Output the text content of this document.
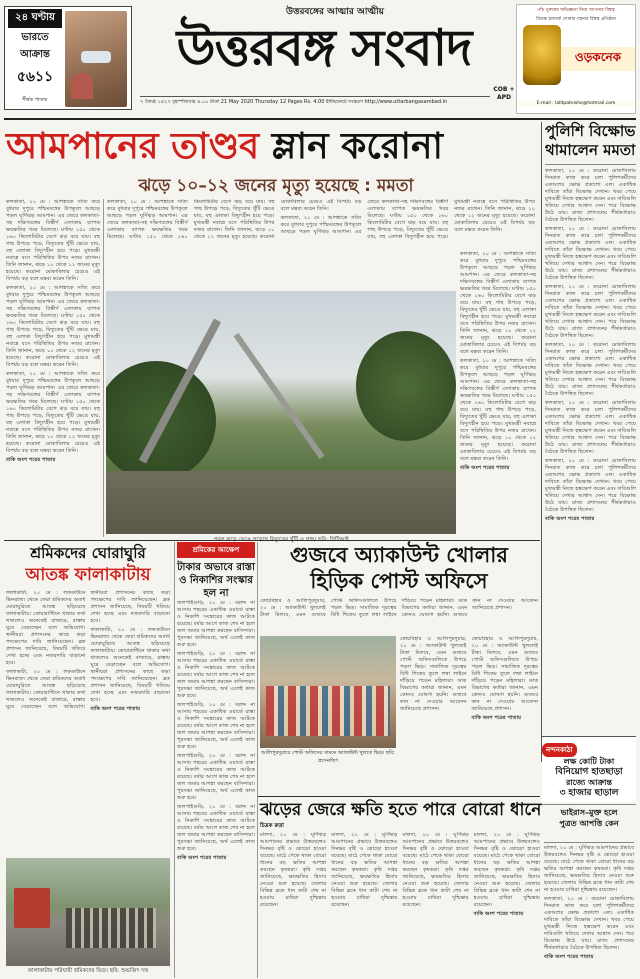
২৪ ঘণ্টায়
ভারতে
আক্রান্ত
৫৬১১
শীর্ষক পাতায়
উত্তরবঙ্গের আত্মার আত্মীয়
উত্তরবঙ্গ সংবাদ
৭ জ্যৈষ্ঠ ১৪২৭ বৃহস্পতিবার ৪.০০ টাকা 21 May 2020 Thursday 12 Pages Rs. 4.00 ইন্টারনেটে সংস্করণ http://www.uttarbangasambad.in
COB + APD
পাঁচ পুরুষের অভিজ্ঞতা নিয়ে আপনার বিশ্বস্ত
বিশুদ্ধ হলমার্ক সোনার গহনার বিশ্বস্ত প্রতিষ্ঠান
ওড়কনেক
E-mail : lalltpatnisho@hotmail.com
আমপানের তাণ্ডব ম্লান করোনা
ঝড়ে ১০–১২ জনের মৃত্যু হয়েছে : মমতা

কলকাতা, ২০ মে : আশঙ্কাকে সত্যি করে বুধবার দুপুরে পশ্চিমবঙ্গের উপকূলে আছড়ে পড়ল ঘূর্ণিঝড় আমপান। এর জেরে কলকাতা-সহ দক্ষিণবঙ্গের বিস্তীর্ণ এলাকায় ব্যাপক ক্ষয়ক্ষতির খবর মিলেছে। ঘণ্টায় ১৫০ থেকে ১৬০ কিলোমিটার বেগে ঝড় বয়ে যায়। বহু গাছ উপড়ে পড়ে, বিদ্যুতের খুঁটি ভেঙে যায়, বহু এলাকা বিদ্যুৎহীন হয়ে পড়ে। মুখ্যমন্ত্রী নবান্নে বসে পরিস্থিতির উপর নজর রাখেন। তিনি জানান, ঝড়ে ১০ থেকে ১২ জনের মৃত্যু হয়েছে। করোনা মোকাবিলার চেয়েও এই বিপর্যয় বড় বলে মন্তব্য করেন তিনি।

কলকাতা, ২০ মে : আশঙ্কাকে সত্যি করে বুধবার দুপুরে পশ্চিমবঙ্গের উপকূলে আছড়ে পড়ল ঘূর্ণিঝড় আমপান। এর জেরে কলকাতা-সহ দক্ষিণবঙ্গের বিস্তীর্ণ এলাকায় ব্যাপক ক্ষয়ক্ষতির খবর মিলেছে। ঘণ্টায় ১৫০ থেকে ১৬০ কিলোমিটার বেগে ঝড় বয়ে যায়। বহু গাছ উপড়ে পড়ে, বিদ্যুতের খুঁটি ভেঙে যায়, বহু এলাকা বিদ্যুৎহীন হয়ে পড়ে। মুখ্যমন্ত্রী নবান্নে বসে পরিস্থিতির উপর নজর রাখেন। তিনি জানান, ঝড়ে ১০ থেকে ১২ জনের মৃত্যু হয়েছে। করোনা মোকাবিলার চেয়েও এই বিপর্যয় বড় বলে মন্তব্য করেন তিনি।

কলকাতা, ২০ মে : আশঙ্কাকে সত্যি করে বুধবার দুপুরে পশ্চিমবঙ্গের উপকূলে আছড়ে পড়ল ঘূর্ণিঝড় আমপান। এর জেরে কলকাতা-সহ দক্ষিণবঙ্গের বিস্তীর্ণ এলাকায় ব্যাপক ক্ষয়ক্ষতির খবর মিলেছে। ঘণ্টায় ১৫০ থেকে ১৬০ কিলোমিটার বেগে ঝড় বয়ে যায়। বহু গাছ উপড়ে পড়ে, বিদ্যুতের খুঁটি ভেঙে যায়, বহু এলাকা বিদ্যুৎহীন হয়ে পড়ে। মুখ্যমন্ত্রী নবান্নে বসে পরিস্থিতির উপর নজর রাখেন। তিনি জানান, ঝড়ে ১০ থেকে ১২ জনের মৃত্যু হয়েছে। করোনা মোকাবিলার চেয়েও এই বিপর্যয় বড় বলে মন্তব্য করেন তিনি।

বাকি অংশ পরের পাতায়

কলকাতা, ২০ মে : আশঙ্কাকে সত্যি করে বুধবার দুপুরে পশ্চিমবঙ্গের উপকূলে আছড়ে পড়ল ঘূর্ণিঝড় আমপান। এর জেরে কলকাতা-সহ দক্ষিণবঙ্গের বিস্তীর্ণ এলাকায় ব্যাপক ক্ষয়ক্ষতির খবর মিলেছে। ঘণ্টায় ১৫০ থেকে ১৬০ কিলোমিটার বেগে ঝড় বয়ে যায়। বহু গাছ উপড়ে পড়ে, বিদ্যুতের খুঁটি ভেঙে যায়, বহু এলাকা বিদ্যুৎহীন হয়ে পড়ে। মুখ্যমন্ত্রী নবান্নে বসে পরিস্থিতির উপর নজর রাখেন। তিনি জানান, ঝড়ে ১০ থেকে ১২ জনের মৃত্যু হয়েছে। করোনা মোকাবিলার চেয়েও এই বিপর্যয় বড় বলে মন্তব্য করেন তিনি।

কলকাতা, ২০ মে : আশঙ্কাকে সত্যি করে বুধবার দুপুরে পশ্চিমবঙ্গের উপকূলে আছড়ে পড়ল ঘূর্ণিঝড় আমপান। এর জেরে কলকাতা-সহ দক্ষিণবঙ্গের বিস্তীর্ণ এলাকায় ব্যাপক ক্ষয়ক্ষতির খবর মিলেছে। ঘণ্টায় ১৫০ থেকে ১৬০ কিলোমিটার বেগে ঝড় বয়ে যায়। বহু গাছ উপড়ে পড়ে, বিদ্যুতের খুঁটি ভেঙে যায়, বহু এলাকা বিদ্যুৎহীন হয়ে পড়ে। মুখ্যমন্ত্রী নবান্নে বসে পরিস্থিতির উপর নজর রাখেন। তিনি জানান, ঝড়ে ১০ থেকে ১২ জনের মৃত্যু হয়েছে। করোনা মোকাবিলার চেয়েও এই বিপর্যয় বড় বলে মন্তব্য করেন তিনি।

কলকাতা, ২০ মে : আশঙ্কাকে সত্যি করে বুধবার দুপুরে পশ্চিমবঙ্গের উপকূলে আছড়ে পড়ল ঘূর্ণিঝড় আমপান। এর জেরে কলকাতা-সহ দক্ষিণবঙ্গের বিস্তীর্ণ এলাকায় ব্যাপক ক্ষয়ক্ষতির খবর মিলেছে। ঘণ্টায় ১৫০ থেকে ১৬০ কিলোমিটার বেগে ঝড় বয়ে যায়। বহু গাছ উপড়ে পড়ে, বিদ্যুতের খুঁটি ভেঙে যায়, বহু এলাকা বিদ্যুৎহীন হয়ে পড়ে। মুখ্যমন্ত্রী নবান্নে বসে পরিস্থিতির উপর নজর রাখেন। তিনি জানান, ঝড়ে ১০ থেকে ১২ জনের মৃত্যু হয়েছে। করোনা মোকাবিলার চেয়েও এই বিপর্যয় বড় বলে মন্তব্য করেন তিনি।

কলকাতা, ২০ মে : আশঙ্কাকে সত্যি করে বুধবার দুপুরে পশ্চিমবঙ্গের উপকূলে আছড়ে পড়ল ঘূর্ণিঝড় আমপান। এর জেরে কলকাতা-সহ দক্ষিণবঙ্গের বিস্তীর্ণ এলাকায় ব্যাপক ক্ষয়ক্ষতির খবর মিলেছে। ঘণ্টায় ১৫০ থেকে ১৬০ কিলোমিটার বেগে ঝড় বয়ে যায়। বহু গাছ উপড়ে পড়ে, বিদ্যুতের খুঁটি ভেঙে যায়, বহু এলাকা বিদ্যুৎহীন হয়ে পড়ে। মুখ্যমন্ত্রী নবান্নে বসে পরিস্থিতির উপর নজর রাখেন। তিনি জানান, ঝড়ে ১০ থেকে ১২ জনের মৃত্যু হয়েছে। করোনা মোকাবিলার চেয়েও এই বিপর্যয় বড় বলে মন্তব্য করেন তিনি।

বাকি অংশ পরের পাতায়

পুলিশি বিক্ষোভ থামালেন মমতা

কলকাতা, ২০ মে : করোনা মোকাবিলায় দিনরাত কাজ করে চলা পুলিশকর্মীদের একাংশের ক্ষোভ প্রকাশ্যে এল। একাধিক দাবিতে তাঁরা বিক্ষোভ দেখান। খবর পেয়ে মুখ্যমন্ত্রী নিজে হস্তক্ষেপ করেন এবং দাবিগুলি খতিয়ে দেখার আশ্বাস দেন। পরে বিক্ষোভ উঠে যায়। রাজ্য প্রশাসনের শীর্ষকর্তারাও বৈঠকে উপস্থিত ছিলেন।

কলকাতা, ২০ মে : করোনা মোকাবিলায় দিনরাত কাজ করে চলা পুলিশকর্মীদের একাংশের ক্ষোভ প্রকাশ্যে এল। একাধিক দাবিতে তাঁরা বিক্ষোভ দেখান। খবর পেয়ে মুখ্যমন্ত্রী নিজে হস্তক্ষেপ করেন এবং দাবিগুলি খতিয়ে দেখার আশ্বাস দেন। পরে বিক্ষোভ উঠে যায়। রাজ্য প্রশাসনের শীর্ষকর্তারাও বৈঠকে উপস্থিত ছিলেন।

কলকাতা, ২০ মে : করোনা মোকাবিলায় দিনরাত কাজ করে চলা পুলিশকর্মীদের একাংশের ক্ষোভ প্রকাশ্যে এল। একাধিক দাবিতে তাঁরা বিক্ষোভ দেখান। খবর পেয়ে মুখ্যমন্ত্রী নিজে হস্তক্ষেপ করেন এবং দাবিগুলি খতিয়ে দেখার আশ্বাস দেন। পরে বিক্ষোভ উঠে যায়। রাজ্য প্রশাসনের শীর্ষকর্তারাও বৈঠকে উপস্থিত ছিলেন।

কলকাতা, ২০ মে : করোনা মোকাবিলায় দিনরাত কাজ করে চলা পুলিশকর্মীদের একাংশের ক্ষোভ প্রকাশ্যে এল। একাধিক দাবিতে তাঁরা বিক্ষোভ দেখান। খবর পেয়ে মুখ্যমন্ত্রী নিজে হস্তক্ষেপ করেন এবং দাবিগুলি খতিয়ে দেখার আশ্বাস দেন। পরে বিক্ষোভ উঠে যায়। রাজ্য প্রশাসনের শীর্ষকর্তারাও বৈঠকে উপস্থিত ছিলেন।

কলকাতা, ২০ মে : করোনা মোকাবিলায় দিনরাত কাজ করে চলা পুলিশকর্মীদের একাংশের ক্ষোভ প্রকাশ্যে এল। একাধিক দাবিতে তাঁরা বিক্ষোভ দেখান। খবর পেয়ে মুখ্যমন্ত্রী নিজে হস্তক্ষেপ করেন এবং দাবিগুলি খতিয়ে দেখার আশ্বাস দেন। পরে বিক্ষোভ উঠে যায়। রাজ্য প্রশাসনের শীর্ষকর্তারাও বৈঠকে উপস্থিত ছিলেন।

কলকাতা, ২০ মে : করোনা মোকাবিলায় দিনরাত কাজ করে চলা পুলিশকর্মীদের একাংশের ক্ষোভ প্রকাশ্যে এল। একাধিক দাবিতে তাঁরা বিক্ষোভ দেখান। খবর পেয়ে মুখ্যমন্ত্রী নিজে হস্তক্ষেপ করেন এবং দাবিগুলি খতিয়ে দেখার আশ্বাস দেন। পরে বিক্ষোভ উঠে যায়। রাজ্য প্রশাসনের শীর্ষকর্তারাও বৈঠকে উপস্থিত ছিলেন।

বাকি অংশ পরের পাতায়

শ্রমিকদের ঘোরাঘুরি
আতঙ্ক ফালাকাটায়

ফালাকাটা, ২০ মে : লকডাউনে ভিনরাজ্য থেকে ফেরা শ্রমিকদের অবাধ ঘোরাঘুরিতে আতঙ্ক ছড়িয়েছে ফালাকাটায়। কোয়ারান্টিনে থাকার কথা থাকলেও অনেকেই বাজারে, রাস্তায় ঘুরে বেড়াচ্ছেন বলে অভিযোগ। স্থানীয়রা প্রশাসনের কাছে কড়া পদক্ষেপের দাবি জানিয়েছেন। ব্লক প্রশাসন জানিয়েছে, বিষয়টি খতিয়ে দেখা হচ্ছে এবং নজরদারি বাড়ানো হবে।

ফালাকাটা, ২০ মে : লকডাউনে ভিনরাজ্য থেকে ফেরা শ্রমিকদের অবাধ ঘোরাঘুরিতে আতঙ্ক ছড়িয়েছে ফালাকাটায়। কোয়ারান্টিনে থাকার কথা থাকলেও অনেকেই বাজারে, রাস্তায় ঘুরে বেড়াচ্ছেন বলে অভিযোগ। স্থানীয়রা প্রশাসনের কাছে কড়া পদক্ষেপের দাবি জানিয়েছেন। ব্লক প্রশাসন জানিয়েছে, বিষয়টি খতিয়ে দেখা হচ্ছে এবং নজরদারি বাড়ানো হবে।

ফালাকাটা, ২০ মে : লকডাউনে ভিনরাজ্য থেকে ফেরা শ্রমিকদের অবাধ ঘোরাঘুরিতে আতঙ্ক ছড়িয়েছে ফালাকাটায়। কোয়ারান্টিনে থাকার কথা থাকলেও অনেকেই বাজারে, রাস্তায় ঘুরে বেড়াচ্ছেন বলে অভিযোগ। স্থানীয়রা প্রশাসনের কাছে কড়া পদক্ষেপের দাবি জানিয়েছেন। ব্লক প্রশাসন জানিয়েছে, বিষয়টি খতিয়ে দেখা হচ্ছে এবং নজরদারি বাড়ানো হবে।

বাকি অংশ পরের পাতায়

ফালাকাটায় পরিযায়ী শ্রমিকদের ভিড়। ছবি: শুভজিৎ দত্ত
শ্রমিকের আক্ষেপ
টাকার অভাবে রাস্তা ও নিকাশির সংস্কার হল না

জলপাইগুড়ি, ২০ মে : বরাদ্দ না আসায় শহরের একাধিক ওয়ার্ডে রাস্তা ও নিকাশি সংস্কারের কাজ আটকে রয়েছে। বর্ষার আগে কাজ শেষ না হলে জল জমার আশঙ্কা করছেন বাসিন্দারা। পুরসভা জানিয়েছে, অর্থ এলেই কাজ শুরু হবে।

জলপাইগুড়ি, ২০ মে : বরাদ্দ না আসায় শহরের একাধিক ওয়ার্ডে রাস্তা ও নিকাশি সংস্কারের কাজ আটকে রয়েছে। বর্ষার আগে কাজ শেষ না হলে জল জমার আশঙ্কা করছেন বাসিন্দারা। পুরসভা জানিয়েছে, অর্থ এলেই কাজ শুরু হবে।

জলপাইগুড়ি, ২০ মে : বরাদ্দ না আসায় শহরের একাধিক ওয়ার্ডে রাস্তা ও নিকাশি সংস্কারের কাজ আটকে রয়েছে। বর্ষার আগে কাজ শেষ না হলে জল জমার আশঙ্কা করছেন বাসিন্দারা। পুরসভা জানিয়েছে, অর্থ এলেই কাজ শুরু হবে।

জলপাইগুড়ি, ২০ মে : বরাদ্দ না আসায় শহরের একাধিক ওয়ার্ডে রাস্তা ও নিকাশি সংস্কারের কাজ আটকে রয়েছে। বর্ষার আগে কাজ শেষ না হলে জল জমার আশঙ্কা করছেন বাসিন্দারা। পুরসভা জানিয়েছে, অর্থ এলেই কাজ শুরু হবে।

জলপাইগুড়ি, ২০ মে : বরাদ্দ না আসায় শহরের একাধিক ওয়ার্ডে রাস্তা ও নিকাশি সংস্কারের কাজ আটকে রয়েছে। বর্ষার আগে কাজ শেষ না হলে জল জমার আশঙ্কা করছেন বাসিন্দারা। পুরসভা জানিয়েছে, অর্থ এলেই কাজ শুরু হবে।

বাকি অংশ পরের পাতায়

গুজবে অ্যাকাউন্ট খোলার
হিড়িক পোস্ট অফিসে
আলিপুরদুয়ারে পোস্ট অফিসের সামনে অ্যাকাউন্ট খুলতে ভিড়। ছবি: প্রসেনজিৎ

কোচবিহার ও আলিপুরদুয়ার, ২০ মে : অ্যাকাউন্ট খুললেই টাকা মিলবে, এমন গুজবে পোস্ট অফিসগুলিতে উপচে পড়ল ভিড়। সামাজিক দূরত্বের বিধি শিকেয় তুলে লম্বা লাইনে দাঁড়িয়ে পড়েন মহিলারা। ডাক বিভাগের কর্তারা জানান, এমন কোনও ঘোষণা হয়নি। গুজবে কান না দেওয়ার আবেদন জানিয়েছে প্রশাসন।

কোচবিহার ও আলিপুরদুয়ার, ২০ মে : অ্যাকাউন্ট খুললেই টাকা মিলবে, এমন গুজবে পোস্ট অফিসগুলিতে উপচে পড়ল ভিড়। সামাজিক দূরত্বের বিধি শিকেয় তুলে লম্বা লাইনে দাঁড়িয়ে পড়েন মহিলারা। ডাক বিভাগের কর্তারা জানান, এমন কোনও ঘোষণা হয়নি। গুজবে কান না দেওয়ার আবেদন জানিয়েছে প্রশাসন।

কোচবিহার ও আলিপুরদুয়ার, ২০ মে : অ্যাকাউন্ট খুললেই টাকা মিলবে, এমন গুজবে পোস্ট অফিসগুলিতে উপচে পড়ল ভিড়। সামাজিক দূরত্বের বিধি শিকেয় তুলে লম্বা লাইনে দাঁড়িয়ে পড়েন মহিলারা। ডাক বিভাগের কর্তারা জানান, এমন কোনও ঘোষণা হয়নি। গুজবে কান না দেওয়ার আবেদন জানিয়েছে প্রশাসন।

বাকি অংশ পরের পাতায়

নন্দনকাঠা
লক্ষ কোটি টাকা
বিনিয়োগ হাতছাড়া
রাজ্যে আক্রান্ত
৩ হাজার ছাড়াল
ভাইরাস–মুক্ত হলে
পুত্রত আপত্তি কেন

মালদা, ২০ মে : ঘূর্ণিঝড় আমপানের প্রভাবে উত্তরবঙ্গেও দিনভর বৃষ্টি ও ঝোড়ো হাওয়া বয়েছে। মাঠে পেকে থাকা বোরো ধানের বড় ক্ষতির আশঙ্কা করছেন কৃষকরা। কৃষি দপ্তর জানিয়েছে, ক্ষয়ক্ষতির হিসাব নেওয়া শুরু হয়েছে। জেলার বিভিন্ন ব্লকে ধান কাটা শেষ না হওয়ায় চাষিরা দুশ্চিন্তায় রয়েছেন।

কলকাতা, ২০ মে : করোনা মোকাবিলায় দিনরাত কাজ করে চলা পুলিশকর্মীদের একাংশের ক্ষোভ প্রকাশ্যে এল। একাধিক দাবিতে তাঁরা বিক্ষোভ দেখান। খবর পেয়ে মুখ্যমন্ত্রী নিজে হস্তক্ষেপ করেন এবং দাবিগুলি খতিয়ে দেখার আশ্বাস দেন। পরে বিক্ষোভ উঠে যায়। রাজ্য প্রশাসনের শীর্ষকর্তারাও বৈঠকে উপস্থিত ছিলেন।

বাকি অংশ পরের পাতায়

ঝড়ের জেরে ক্ষতি হতে পারে বোরো ধানে
চিত্রক রুদ্রা

মালদা, ২০ মে : ঘূর্ণিঝড় আমপানের প্রভাবে উত্তরবঙ্গেও দিনভর বৃষ্টি ও ঝোড়ো হাওয়া বয়েছে। মাঠে পেকে থাকা বোরো ধানের বড় ক্ষতির আশঙ্কা করছেন কৃষকরা। কৃষি দপ্তর জানিয়েছে, ক্ষয়ক্ষতির হিসাব নেওয়া শুরু হয়েছে। জেলার বিভিন্ন ব্লকে ধান কাটা শেষ না হওয়ায় চাষিরা দুশ্চিন্তায় রয়েছেন।

মালদা, ২০ মে : ঘূর্ণিঝড় আমপানের প্রভাবে উত্তরবঙ্গেও দিনভর বৃষ্টি ও ঝোড়ো হাওয়া বয়েছে। মাঠে পেকে থাকা বোরো ধানের বড় ক্ষতির আশঙ্কা করছেন কৃষকরা। কৃষি দপ্তর জানিয়েছে, ক্ষয়ক্ষতির হিসাব নেওয়া শুরু হয়েছে। জেলার বিভিন্ন ব্লকে ধান কাটা শেষ না হওয়ায় চাষিরা দুশ্চিন্তায় রয়েছেন।

মালদা, ২০ মে : ঘূর্ণিঝড় আমপানের প্রভাবে উত্তরবঙ্গেও দিনভর বৃষ্টি ও ঝোড়ো হাওয়া বয়েছে। মাঠে পেকে থাকা বোরো ধানের বড় ক্ষতির আশঙ্কা করছেন কৃষকরা। কৃষি দপ্তর জানিয়েছে, ক্ষয়ক্ষতির হিসাব নেওয়া শুরু হয়েছে। জেলার বিভিন্ন ব্লকে ধান কাটা শেষ না হওয়ায় চাষিরা দুশ্চিন্তায় রয়েছেন।

মালদা, ২০ মে : ঘূর্ণিঝড় আমপানের প্রভাবে উত্তরবঙ্গেও দিনভর বৃষ্টি ও ঝোড়ো হাওয়া বয়েছে। মাঠে পেকে থাকা বোরো ধানের বড় ক্ষতির আশঙ্কা করছেন কৃষকরা। কৃষি দপ্তর জানিয়েছে, ক্ষয়ক্ষতির হিসাব নেওয়া শুরু হয়েছে। জেলার বিভিন্ন ব্লকে ধান কাটা শেষ না হওয়ায় চাষিরা দুশ্চিন্তায় রয়েছেন।

বাকি অংশ পরের পাতায়
